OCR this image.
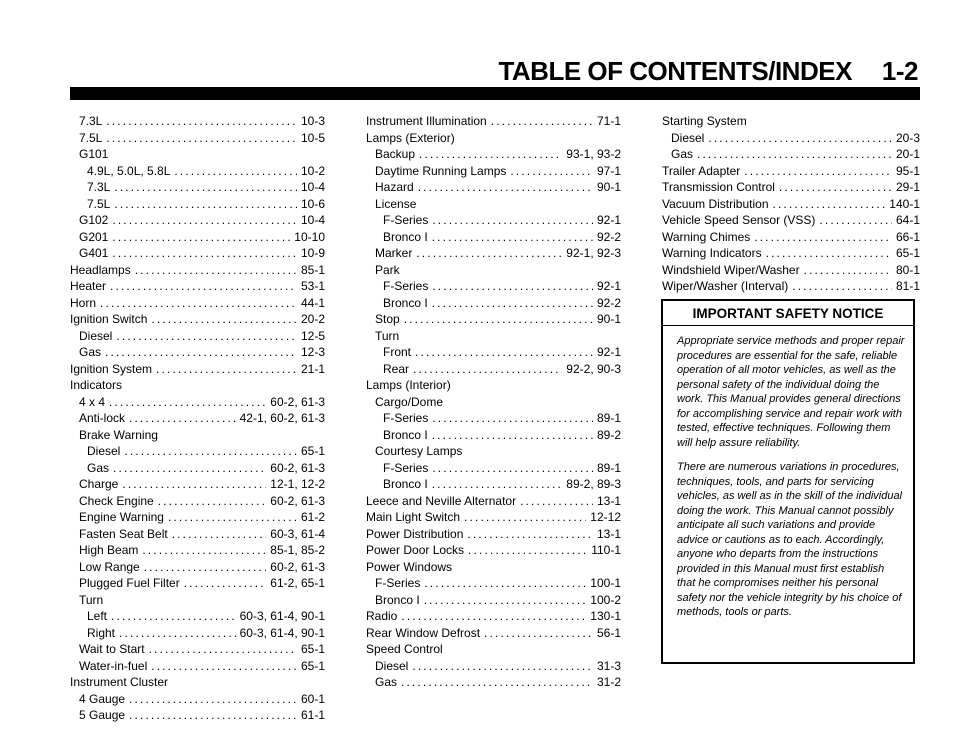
TABLE OF CONTENTS/INDEX 1-2
7.3L . . .	10-3
7.5L . . .	10-5
G101
4.9L, 5.0L, 5.8L . . .	10-2
7.3L . . .	10-4
7.5L . . .	10-6
G102 . . .	10-4
G201 . . .	10-10
G401 . . .	10-9
Headlamps . . .	85-1
Heater . . .	53-1
Horn . . .	44-1
Ignition Switch . . .	20-2
Diesel . . .	12-5
Gas . . .	12-3
Ignition System . . .	21-1
Indicators
4 x 4 . . .	60-2, 61-3
Anti-lock . . .	42-1, 60-2, 61-3
Brake Warning
Diesel . . .	65-1
Gas . . .	60-2, 61-3
Charge . . .	12-1, 12-2
Check Engine . . .	60-2, 61-3
Engine Warning . . .	61-2
Fasten Seat Belt . . .	60-3, 61-4
High Beam . . .	85-1, 85-2
Low Range . . .	60-2, 61-3
Plugged Fuel Filter . . .	61-2, 65-1
Turn
Left . . .	60-3, 61-4, 90-1
Right . . .	60-3, 61-4, 90-1
Wait to Start . . .	65-1
Water-in-fuel . . .	65-1
Instrument Cluster
4 Gauge . . .	60-1
5 Gauge . . .	61-1
Instrument Illumination . . .	71-1
Lamps (Exterior)
Backup . . .	93-1, 93-2
Daytime Running Lamps . . .	97-1
Hazard . . .	90-1
License
F-Series . . .	92-1
Bronco I . . .	92-2
Marker . . .	92-1, 92-3
Park
F-Series . . .	92-1
Bronco I . . .	92-2
Stop . . .	90-1
Turn
Front . . .	92-1
Rear . . .	92-2, 90-3
Lamps (Interior)
Cargo/Dome
F-Series . . .	89-1
Bronco I . . .	89-2
Courtesy Lamps
F-Series . . .	89-1
Bronco I . . .	89-2, 89-3
Leece and Neville Alternator . . .	13-1
Main Light Switch . . .	12-12
Power Distribution . . .	13-1
Power Door Locks . . .	110-1
Power Windows
F-Series . . .	100-1
Bronco I . . .	100-2
Radio . . .	130-1
Rear Window Defrost . . .	56-1
Speed Control
Diesel . . .	31-3
Gas . . .	31-2
Starting System
Diesel . . .	20-3
Gas . . .	20-1
Trailer Adapter . . .	95-1
Transmission Control . . .	29-1
Vacuum Distribution . . .	140-1
Vehicle Speed Sensor (VSS) . . .	64-1
Warning Chimes . . .	66-1
Warning Indicators . . .	65-1
Windshield Wiper/Washer . . .	80-1
Wiper/Washer (Interval) . . .	81-1
IMPORTANT SAFETY NOTICE

Appropriate service methods and proper repair procedures are essential for the safe, reliable operation of all motor vehicles, as well as the personal safety of the individual doing the work. This Manual provides general directions for accomplishing service and repair work with tested, effective techniques. Following them will help assure reliability.

There are numerous variations in procedures, techniques, tools, and parts for servicing vehicles, as well as in the skill of the individual doing the work. This Manual cannot possibly anticipate all such variations and provide advice or cautions as to each. Accordingly, anyone who departs from the instructions provided in this Manual must first establish that he compromises neither his personal safety nor the vehicle integrity by his choice of methods, tools or parts.
